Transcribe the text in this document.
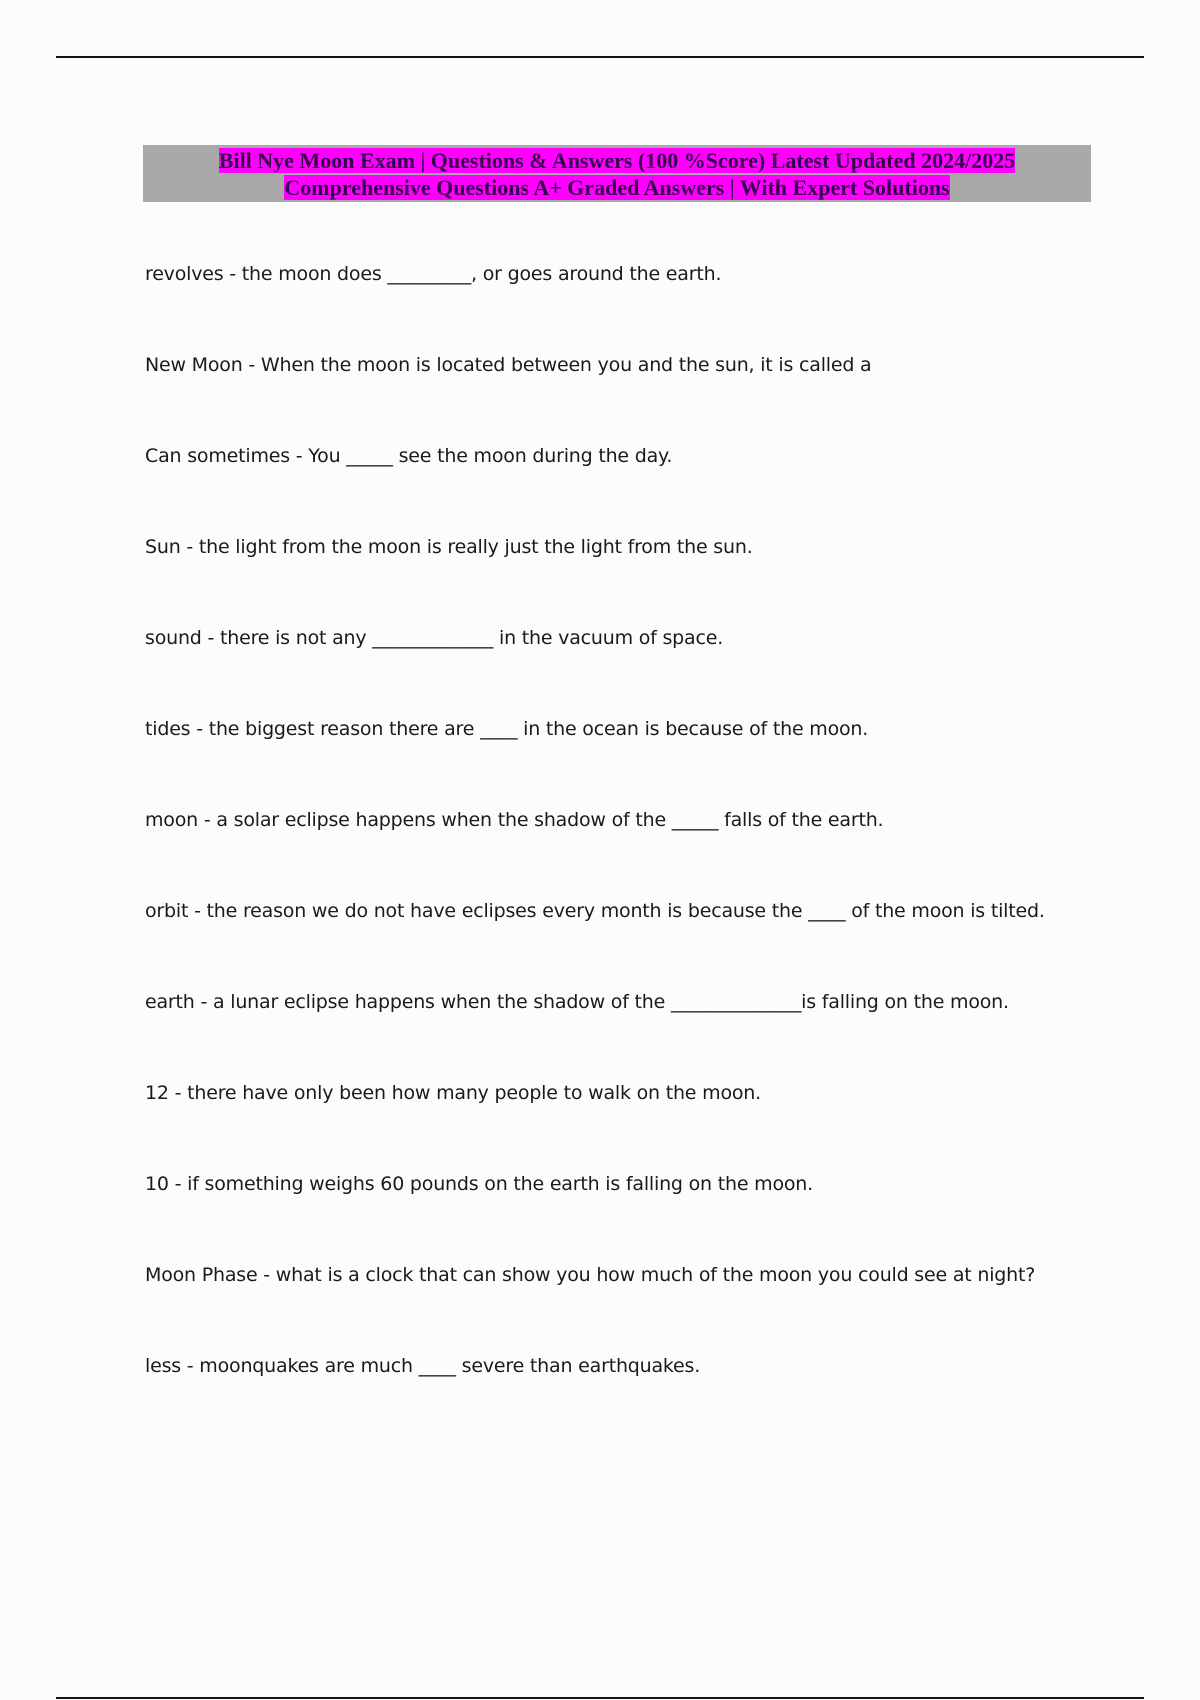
Bill Nye Moon Exam | Questions & Answers (100 %Score) Latest Updated 2024/2025
Comprehensive Questions A+ Graded Answers | With Expert Solutions
revolves - the moon does _________, or goes around the earth.
New Moon - When the moon is located between you and the sun, it is called a
Can sometimes - You _____ see the moon during the day.
Sun - the light from the moon is really just the light from the sun.
sound - there is not any _____________ in the vacuum of space.
tides - the biggest reason there are ____ in the ocean is because of the moon.
moon - a solar eclipse happens when the shadow of the _____ falls of the earth.
orbit - the reason we do not have eclipses every month is because the ____ of the moon is tilted.
earth - a lunar eclipse happens when the shadow of the ______________is falling on the moon.
12 - there have only been how many people to walk on the moon.
10 - if something weighs 60 pounds on the earth is falling on the moon.
Moon Phase - what is a clock that can show you how much of the moon you could see at night?
less - moonquakes are much ____ severe than earthquakes.
